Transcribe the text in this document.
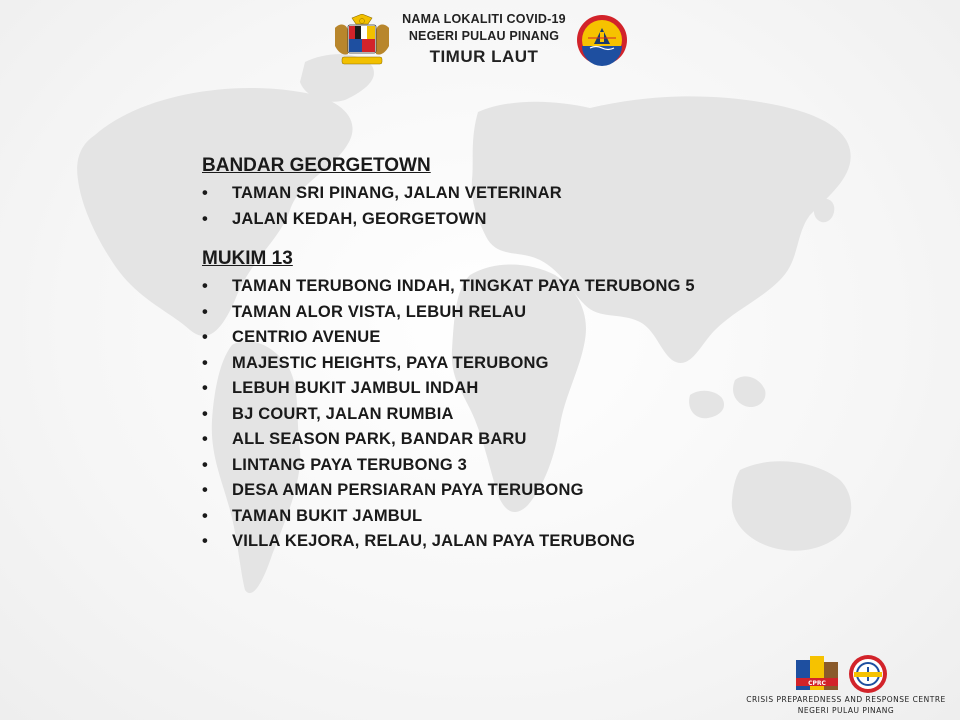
NAMA LOKALITI COVID-19
NEGERI PULAU PINANG
TIMUR LAUT

BANDAR GEORGETOWN

• TAMAN SRI PINANG, JALAN VETERINAR
• JALAN KEDAH, GEORGETOWN

MUKIM 13

• TAMAN TERUBONG INDAH, TINGKAT PAYA TERUBONG 5
• TAMAN ALOR VISTA, LEBUH RELAU
• CENTRIO AVENUE
• MAJESTIC HEIGHTS, PAYA TERUBONG
• LEBUH BUKIT JAMBUL INDAH
• BJ COURT, JALAN RUMBIA
• ALL SEASON PARK, BANDAR BARU
• LINTANG PAYA TERUBONG 3
• DESA AMAN PERSIARAN PAYA TERUBONG
• TAMAN BUKIT JAMBUL
• VILLA KEJORA, RELAU, JALAN PAYA TERUBONG
CPRC
CRISIS PREPAREDNESS AND RESPONSE CENTRE
NEGERI PULAU PINANG
